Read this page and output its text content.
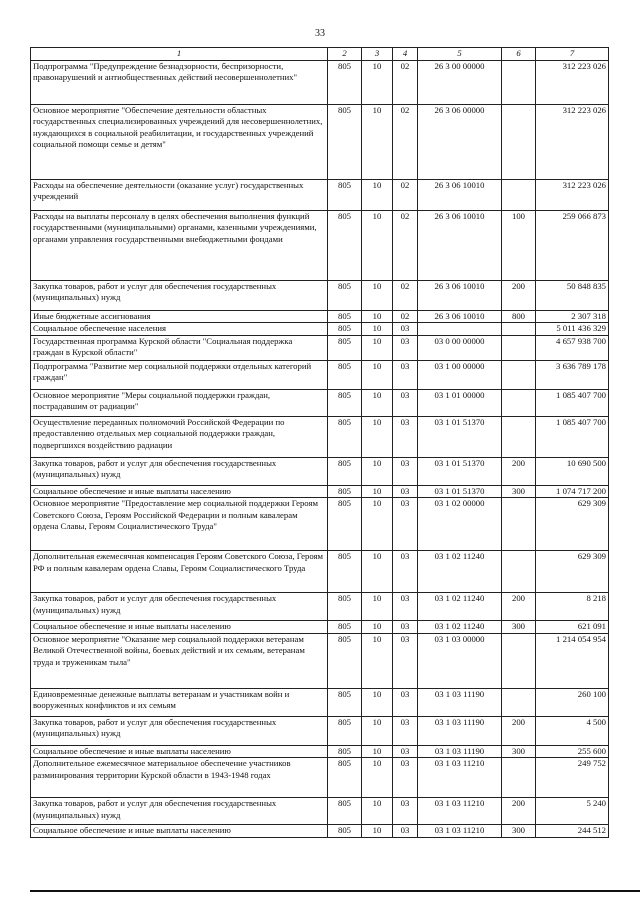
33
1	2	3	4	5	6	7
Подпрограмма "Предупреждение безнадзорности, беспризорности, правонарушений и антиобщественных действий несовершеннолетних"	805	10	02	26 3 00 00000		312 223 026
Основное мероприятие "Обеспечение деятельности областных государственных специализированных учреждений для несовершеннолетних, нуждающихся в социальной реабилитации, и государственных учреждений социальной помощи семье и детям"	805	10	02	26 3 06 00000		312 223 026
Расходы на обеспечение деятельности (оказание услуг) государственных учреждений	805	10	02	26 3 06 10010		312 223 026
Расходы на выплаты персоналу в целях обеспечения выполнения функций государственными (муниципальными) органами, казенными учреждениями, органами управления государственными внебюджетными фондами	805	10	02	26 3 06 10010	100	259 066 873
Закупка товаров, работ и услуг для обеспечения государственных (муниципальных) нужд	805	10	02	26 3 06 10010	200	50 848 835
Иные бюджетные ассигнования	805	10	02	26 3 06 10010	800	2 307 318
Социальное обеспечение населения	805	10	03			5 011 436 329
Государственная программа Курской области "Социальная поддержка граждан в Курской области"	805	10	03	03 0 00 00000		4 657 938 700
Подпрограмма "Развитие мер социальной поддержки отдельных категорий граждан"	805	10	03	03 1 00 00000		3 636 789 178
Основное мероприятие "Меры социальной поддержки граждан, пострадавшим от радиации"	805	10	03	03 1 01 00000		1 085 407 700
Осуществление переданных полномочий Российской Федерации по предоставлению отдельных мер социальной поддержки граждан, подвергшихся воздействию радиации	805	10	03	03 1 01 51370		1 085 407 700
Закупка товаров, работ и услуг для обеспечения государственных (муниципальных) нужд	805	10	03	03 1 01 51370	200	10 690 500
Социальное обеспечение и иные выплаты населению	805	10	03	03 1 01 51370	300	1 074 717 200
Основное мероприятие "Предоставление мер социальной поддержки Героям Советского Союза, Героям Российской Федерации и полным кавалерам ордена Славы, Героям Социалистического Труда"	805	10	03	03 1 02 00000		629 309
Дополнительная ежемесячная компенсация Героям Советского Союза, Героям РФ и полным кавалерам ордена Славы, Героям Социалистического Труда	805	10	03	03 1 02 11240		629 309
Закупка товаров, работ и услуг для обеспечения государственных (муниципальных) нужд	805	10	03	03 1 02 11240	200	8 218
Социальное обеспечение и иные выплаты населению	805	10	03	03 1 02 11240	300	621 091
Основное мероприятие "Оказание мер социальной поддержки ветеранам Великой Отечественной войны, боевых действий и их семьям, ветеранам труда и труженикам тыла"	805	10	03	03 1 03 00000		1 214 054 954
Единовременные денежные выплаты ветеранам и участникам войн и вооруженных конфликтов и их семьям	805	10	03	03 1 03 11190		260 100
Закупка товаров, работ и услуг для обеспечения государственных (муниципальных) нужд	805	10	03	03 1 03 11190	200	4 500
Социальное обеспечение и иные выплаты населению	805	10	03	03 1 03 11190	300	255 600
Дополнительное ежемесячное материальное обеспечение участников разминирования территории Курской области в 1943-1948 годах	805	10	03	03 1 03 11210		249 752
Закупка товаров, работ и услуг для обеспечения государственных (муниципальных) нужд	805	10	03	03 1 03 11210	200	5 240
Социальное обеспечение и иные выплаты населению	805	10	03	03 1 03 11210	300	244 512
